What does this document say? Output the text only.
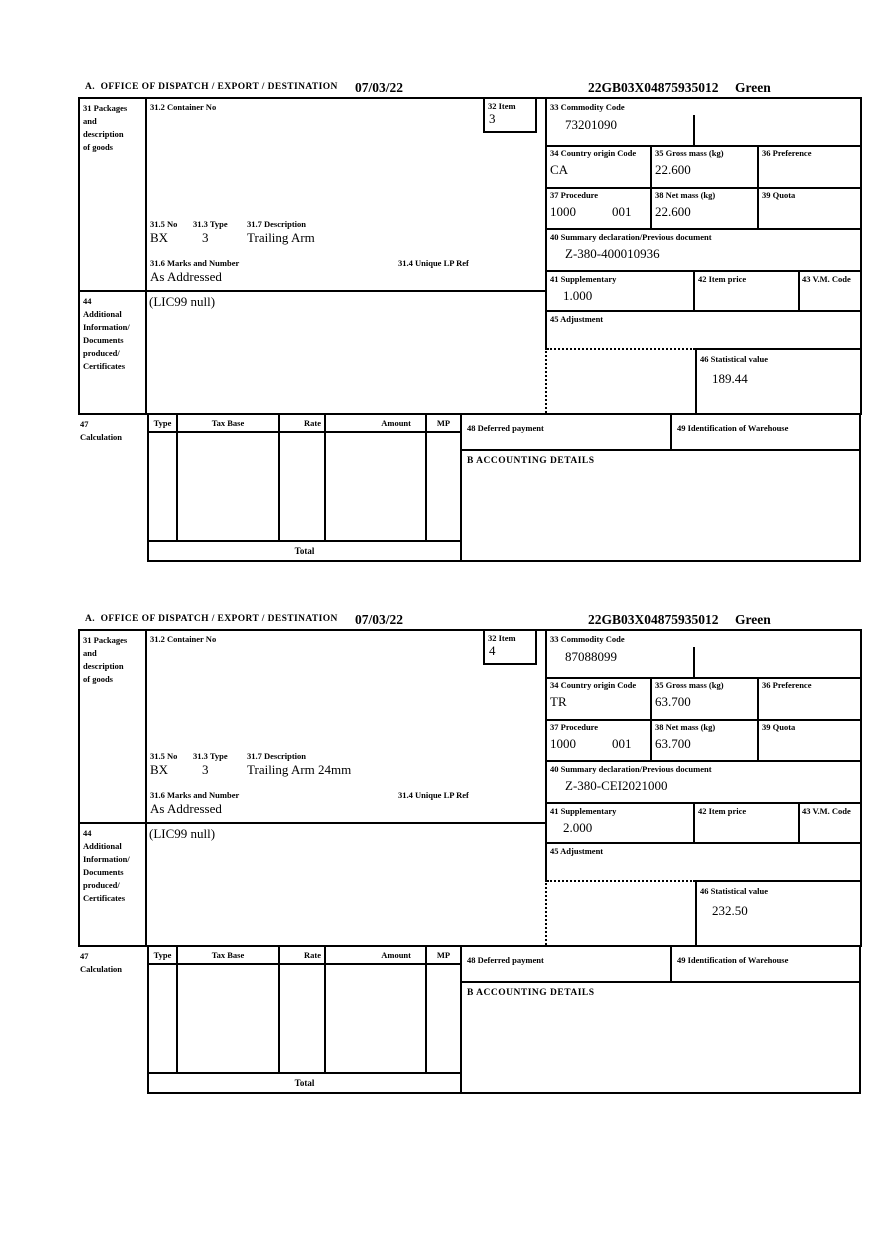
A.  OFFICE OF DISPATCH / EXPORT / DESTINATION 07/03/22	22GB03X04875935012 Green
31 Packages
and
description
of goods
44
Additional
Information/
Documents
produced/
Certificates
31.2 Container No
31.5 No 31.3 Type 31.7 Description
BX	3	Trailing Arm
31.6 Marks and Number	31.4 Unique LP Ref
As Addressed
(LIC99 null)
32 Item
3
33 Commodity Code
73201090
34 Country origin Code
CA
35 Gross mass (kg)
22.600
36 Preference
37 Procedure
1000	001
38 Net mass (kg)
22.600
39 Quota
40 Summary declaration/Previous document
Z-380-400010936
41 Supplementary
1.000
42 Item price	43 V.M. Code
45 Adjustment
46 Statistical value
189.44
47
Calculation
Type	Tax Base	Rate	Amount	MP
Total
48 Deferred payment	49 Identification of Warehouse
B ACCOUNTING DETAILS
A.  OFFICE OF DISPATCH / EXPORT / DESTINATION 07/03/22	22GB03X04875935012 Green
31 Packages
and
description
of goods
44
Additional
Information/
Documents
produced/
Certificates
31.2 Container No
31.5 No 31.3 Type 31.7 Description
BX	3	Trailing Arm 24mm
31.6 Marks and Number	31.4 Unique LP Ref
As Addressed
(LIC99 null)
32 Item
4
33 Commodity Code
87088099
34 Country origin Code
TR
35 Gross mass (kg)
63.700
36 Preference
37 Procedure
1000	001
38 Net mass (kg)
63.700
39 Quota
40 Summary declaration/Previous document
Z-380-CEI2021000
41 Supplementary
2.000
42 Item price	43 V.M. Code
45 Adjustment
46 Statistical value
232.50
47
Calculation
Type	Tax Base	Rate	Amount	MP
Total
48 Deferred payment	49 Identification of Warehouse
B ACCOUNTING DETAILS
